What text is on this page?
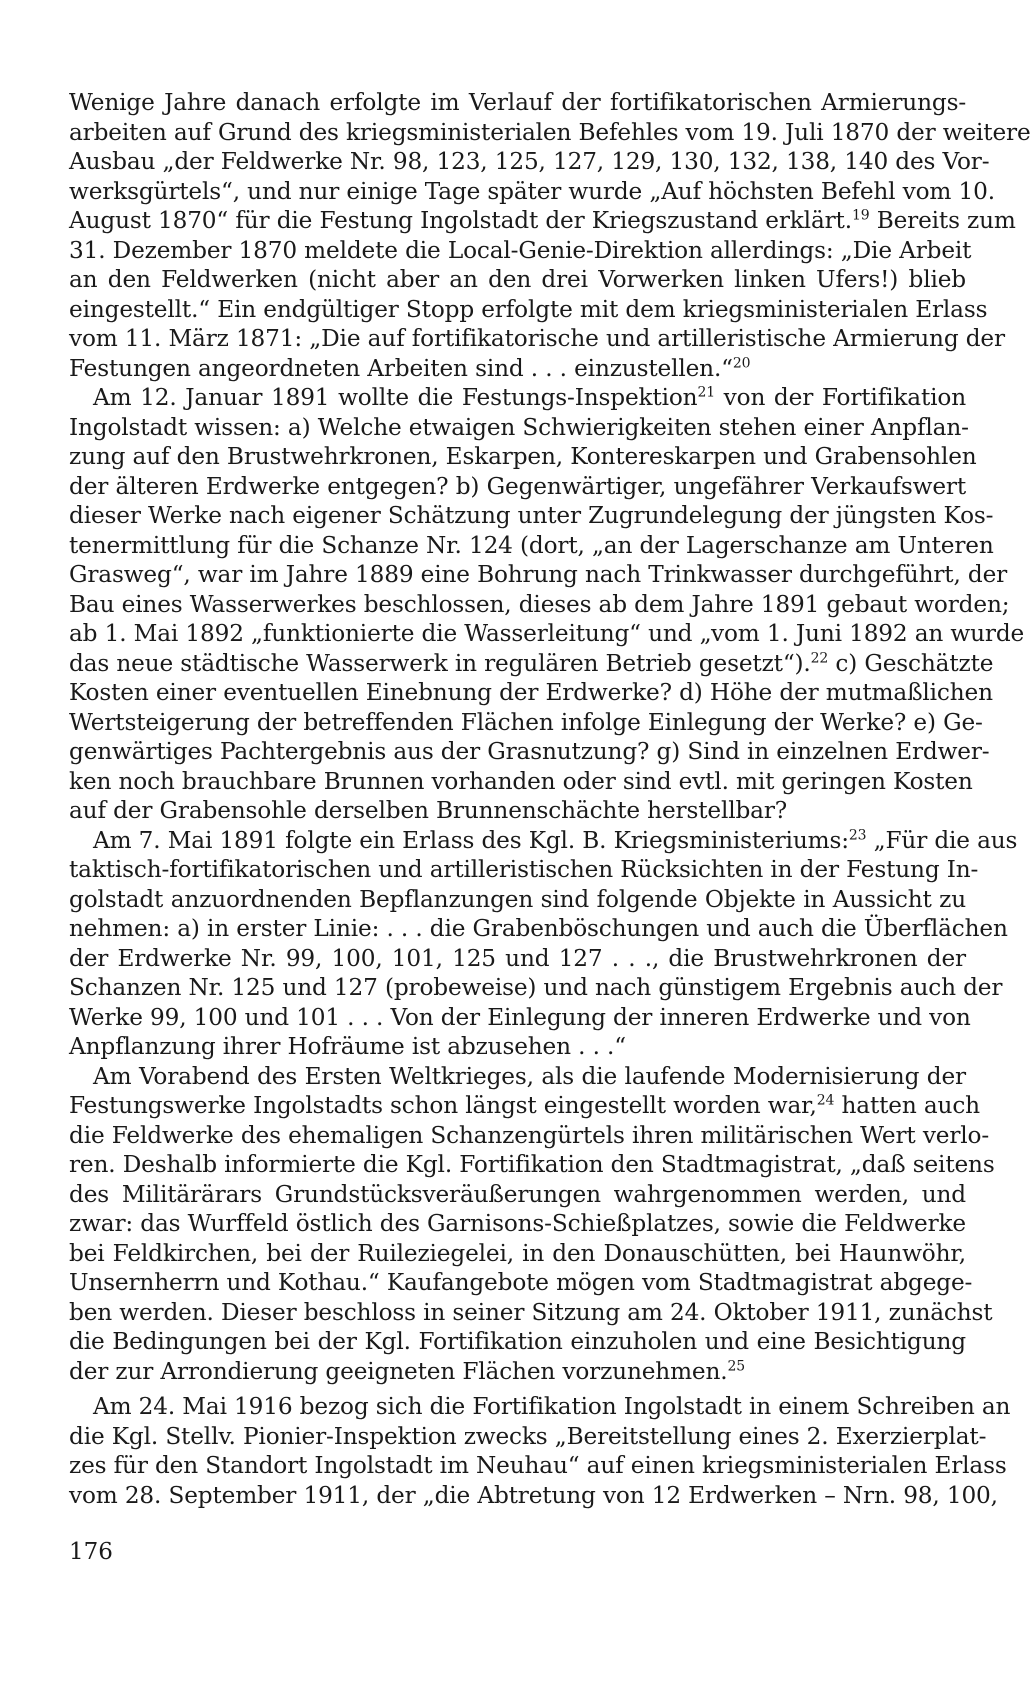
Wenige Jahre danach erfolgte im Verlauf der fortifikatorischen Armierungs-
arbeiten auf Grund des kriegsministerialen Befehles vom 19. Juli 1870 der weitere
Ausbau „der Feldwerke Nr. 98, 123, 125, 127, 129, 130, 132, 138, 140 des Vor-
werksgürtels“, und nur einige Tage später wurde „Auf höchsten Befehl vom 10.
August 1870“ für die Festung Ingolstadt der Kriegszustand erklärt.$^{19}$ Bereits zum
31. Dezember 1870 meldete die Local-Genie-Direktion allerdings: „Die Arbeit
an den Feldwerken (nicht aber an den drei Vorwerken linken Ufers!) blieb
eingestellt.“ Ein endgültiger Stopp erfolgte mit dem kriegsministerialen Erlass
vom 11. März 1871: „Die auf fortifikatorische und artilleristische Armierung der
Festungen angeordneten Arbeiten sind . . . einzustellen.“$^{20}$
Am 12. Januar 1891 wollte die Festungs-Inspektion$^{21}$ von der Fortifikation
Ingolstadt wissen: a) Welche etwaigen Schwierigkeiten stehen einer Anpflan-
zung auf den Brustwehrkronen, Eskarpen, Kontereskarpen und Grabensohlen
der älteren Erdwerke entgegen? b) Gegenwärtiger, ungefährer Verkaufswert
dieser Werke nach eigener Schätzung unter Zugrundelegung der jüngsten Kos-
tenermittlung für die Schanze Nr. 124 (dort, „an der Lagerschanze am Unteren
Grasweg“, war im Jahre 1889 eine Bohrung nach Trinkwasser durchgeführt, der
Bau eines Wasserwerkes beschlossen, dieses ab dem Jahre 1891 gebaut worden;
ab 1. Mai 1892 „funktionierte die Wasserleitung“ und „vom 1. Juni 1892 an wurde
das neue städtische Wasserwerk in regulären Betrieb gesetzt“).$^{22}$ c) Geschätzte
Kosten einer eventuellen Einebnung der Erdwerke? d) Höhe der mutmaßlichen
Wertsteigerung der betreffenden Flächen infolge Einlegung der Werke? e) Ge-
genwärtiges Pachtergebnis aus der Grasnutzung? g) Sind in einzelnen Erdwer-
ken noch brauchbare Brunnen vorhanden oder sind evtl. mit geringen Kosten
auf der Grabensohle derselben Brunnenschächte herstellbar?
Am 7. Mai 1891 folgte ein Erlass des Kgl. B. Kriegsministeriums:$^{23}$ „Für die aus
taktisch-fortifikatorischen und artilleristischen Rücksichten in der Festung In-
golstadt anzuordnenden Bepflanzungen sind folgende Objekte in Aussicht zu
nehmen: a) in erster Linie: . . . die Grabenböschungen und auch die Überflächen
der Erdwerke Nr. 99, 100, 101, 125 und 127 . . ., die Brustwehrkronen der
Schanzen Nr. 125 und 127 (probeweise) und nach günstigem Ergebnis auch der
Werke 99, 100 und 101 . . . Von der Einlegung der inneren Erdwerke und von
Anpflanzung ihrer Hofräume ist abzusehen . . .“
Am Vorabend des Ersten Weltkrieges, als die laufende Modernisierung der
Festungswerke Ingolstadts schon längst eingestellt worden war,$^{24}$ hatten auch
die Feldwerke des ehemaligen Schanzengürtels ihren militärischen Wert verlo-
ren. Deshalb informierte die Kgl. Fortifikation den Stadtmagistrat, „daß seitens
des Militärärars Grundstücksveräußerungen wahrgenommen werden, und
zwar: das Wurffeld östlich des Garnisons-Schießplatzes, sowie die Feldwerke
bei Feldkirchen, bei der Ruileziegelei, in den Donauschütten, bei Haunwöhr,
Unsernherrn und Kothau.“ Kaufangebote mögen vom Stadtmagistrat abgege-
ben werden. Dieser beschloss in seiner Sitzung am 24. Oktober 1911, zunächst
die Bedingungen bei der Kgl. Fortifikation einzuholen und eine Besichtigung
der zur Arrondierung geeigneten Flächen vorzunehmen.$^{25}$
Am 24. Mai 1916 bezog sich die Fortifikation Ingolstadt in einem Schreiben an
die Kgl. Stellv. Pionier-Inspektion zwecks „Bereitstellung eines 2. Exerzierplat-
zes für den Standort Ingolstadt im Neuhau“ auf einen kriegsministerialen Erlass
vom 28. September 1911, der „die Abtretung von 12 Erdwerken – Nrn. 98, 100,
176
